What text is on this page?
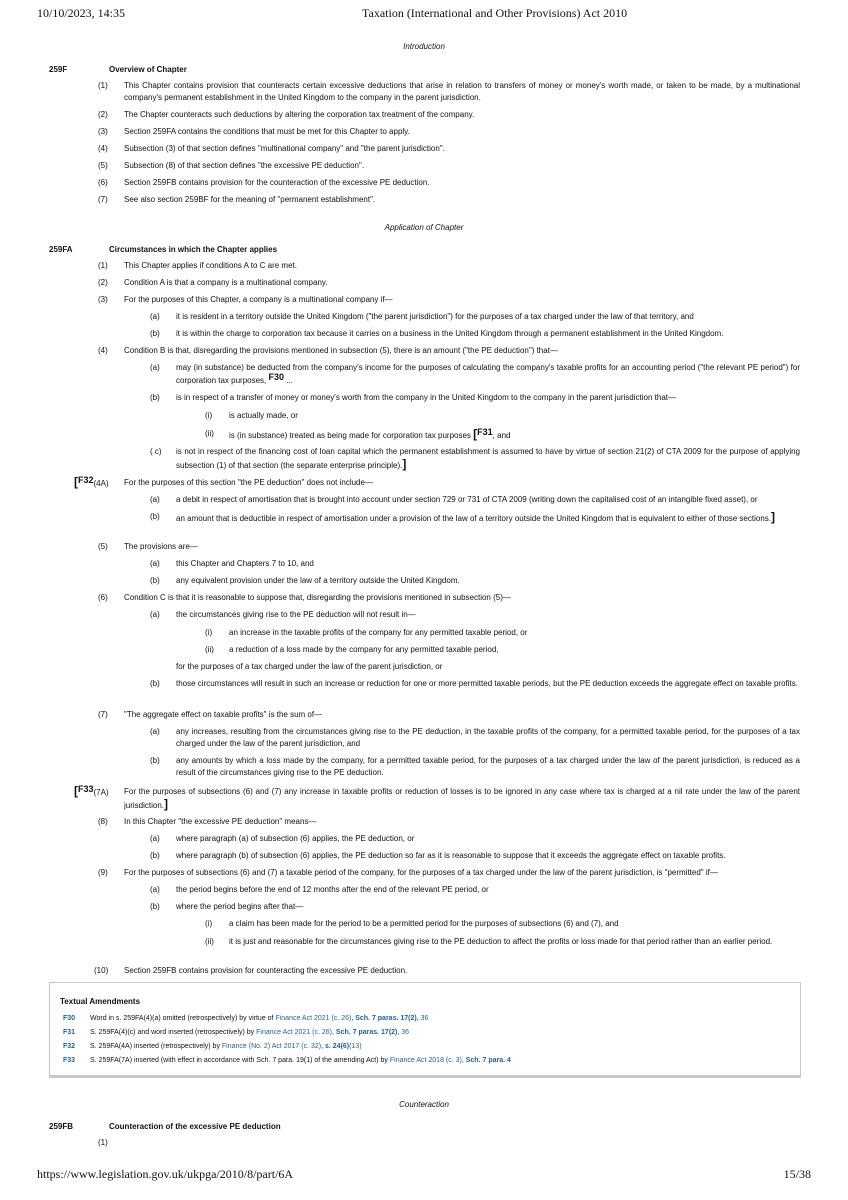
10/10/2023, 14:35	Taxation (International and Other Provisions) Act 2010
Introduction
259F	Overview of Chapter
(1) This Chapter contains provision that counteracts certain excessive deductions that arise in relation to transfers of money or money's worth made, or taken to be made, by a multinational company's permanent establishment in the United Kingdom to the company in the parent jurisdiction.
(2) The Chapter counteracts such deductions by altering the corporation tax treatment of the company.
(3) Section 259FA contains the conditions that must be met for this Chapter to apply.
(4) Subsection (3) of that section defines "multinational company" and "the parent jurisdiction".
(5) Subsection (8) of that section defines "the excessive PE deduction".
(6) Section 259FB contains provision for the counteraction of the excessive PE deduction.
(7) See also section 259BF for the meaning of "permanent establishment".
Application of Chapter
259FA	Circumstances in which the Chapter applies
(1) This Chapter applies if conditions A to C are met.
(2) Condition A is that a company is a multinational company.
(3) For the purposes of this Chapter, a company is a multinational company if—
(a) it is resident in a territory outside the United Kingdom ("the parent jurisdiction") for the purposes of a tax charged under the law of that territory, and
(b) it is within the charge to corporation tax because it carries on a business in the United Kingdom through a permanent establishment in the United Kingdom.
(4) Condition B is that, disregarding the provisions mentioned in subsection (5), there is an amount ("the PE deduction") that—
(a) may (in substance) be deducted from the company's income for the purposes of calculating the company's taxable profits for an accounting period ("the relevant PE period") for corporation tax purposes, F30 ...
(b) is in respect of a transfer of money or money's worth from the company in the United Kingdom to the company in the parent jurisdiction that—
(i) is actually made, or
(ii) is (in substance) treated as being made for corporation tax purposes [F31, and
( c) is not in respect of the financing cost of loan capital which the permanent establishment is assumed to have by virtue of section 21(2) of CTA 2009 for the purpose of applying subsection (1) of that section (the separate enterprise principle).]
[F32(4A) For the purposes of this section "the PE deduction" does not include—
(a) a debit in respect of amortisation that is brought into account under section 729 or 731 of CTA 2009 (writing down the capitalised cost of an intangible fixed asset), or
(b) an amount that is deductible in respect of amortisation under a provision of the law of a territory outside the United Kingdom that is equivalent to either of those sections.]
(5) The provisions are—
(a) this Chapter and Chapters 7 to 10, and
(b) any equivalent provision under the law of a territory outside the United Kingdom.
(6) Condition C is that it is reasonable to suppose that, disregarding the provisions mentioned in subsection (5)—
(a) the circumstances giving rise to the PE deduction will not result in—
(i) an increase in the taxable profits of the company for any permitted taxable period, or
(ii) a reduction of a loss made by the company for any permitted taxable period,
for the purposes of a tax charged under the law of the parent jurisdiction, or
(b) those circumstances will result in such an increase or reduction for one or more permitted taxable periods, but the PE deduction exceeds the aggregate effect on taxable profits.
(7) "The aggregate effect on taxable profits" is the sum of—
(a) any increases, resulting from the circumstances giving rise to the PE deduction, in the taxable profits of the company, for a permitted taxable period, for the purposes of a tax charged under the law of the parent jurisdiction, and
(b) any amounts by which a loss made by the company, for a permitted taxable period, for the purposes of a tax charged under the law of the parent jurisdiction, is reduced as a result of the circumstances giving rise to the PE deduction.
[F33(7A) For the purposes of subsections (6) and (7) any increase in taxable profits or reduction of losses is to be ignored in any case where tax is charged at a nil rate under the law of the parent jurisdiction.]
(8) In this Chapter "the excessive PE deduction" means—
(a) where paragraph (a) of subsection (6) applies, the PE deduction, or
(b) where paragraph (b) of subsection (6) applies, the PE deduction so far as it is reasonable to suppose that it exceeds the aggregate effect on taxable profits.
(9) For the purposes of subsections (6) and (7) a taxable period of the company, for the purposes of a tax charged under the law of the parent jurisdiction, is "permitted" if—
(a) the period begins before the end of 12 months after the end of the relevant PE period, or
(b) where the period begins after that—
(i) a claim has been made for the period to be a permitted period for the purposes of subsections (6) and (7), and
(ii) it is just and reasonable for the circumstances giving rise to the PE deduction to affect the profits or loss made for that period rather than an earlier period.
(10) Section 259FB contains provision for counteracting the excessive PE deduction.
Textual Amendments
F30 Word in s. 259FA(4)(a) omitted (retrospectively) by virtue of Finance Act 2021 (c. 26), Sch. 7 paras. 17(2), 36
F31 S. 259FA(4)(c) and word inserted (retrospectively) by Finance Act 2021 (c. 26), Sch. 7 paras. 17(2), 36
F32 S. 259FA(4A) inserted (retrospectively) by Finance (No. 2) Act 2017 (c. 32), s. 24(6)(13)
F33 S. 259FA(7A) inserted (with effect in accordance with Sch. 7 para. 19(1) of the amending Act) by Finance Act 2018 (c. 3), Sch. 7 para. 4
Counteraction
259FB	Counteraction of the excessive PE deduction
(1)
https://www.legislation.gov.uk/ukpga/2010/8/part/6A	15/38
